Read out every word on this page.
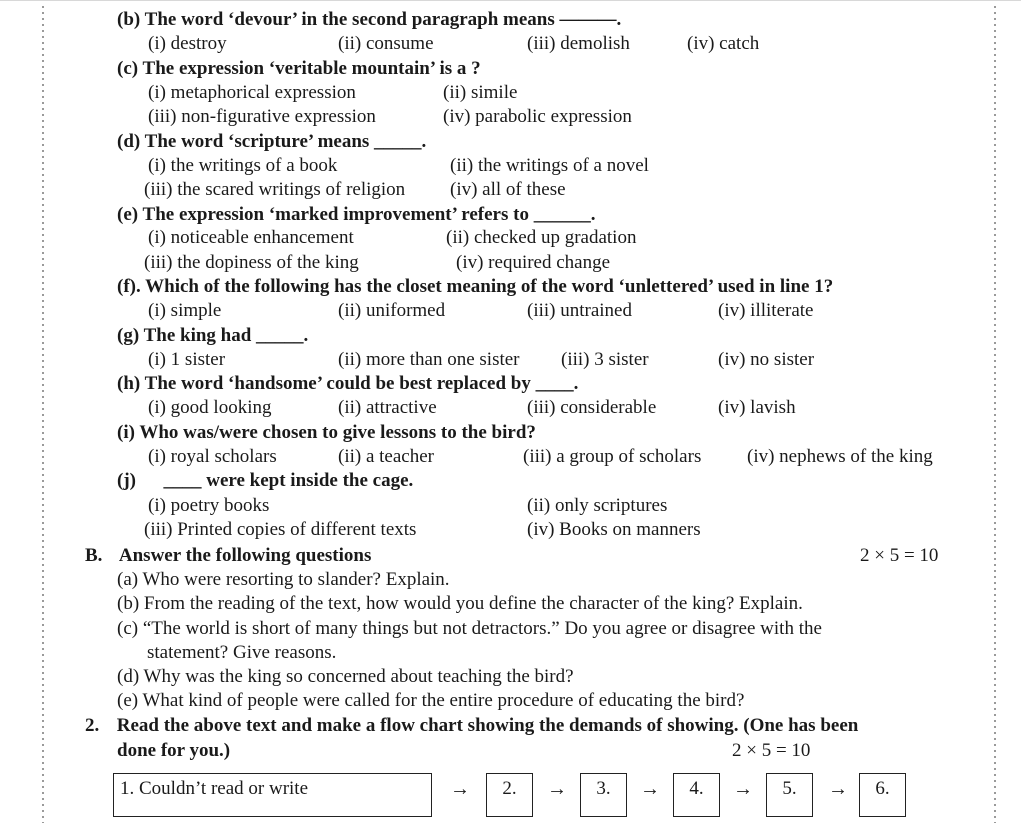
(b) The word ‘devour’ in the second paragraph means ———.
(i) destroy	(ii) consume	(iii) demolish	(iv) catch
(c) The expression ‘veritable mountain’ is a ?
(i) metaphorical expression	(ii) simile
(iii) non-figurative expression	(iv) parabolic expression
(d) The word ‘scripture’ means _____.
(i) the writings of a book	(ii) the writings of a novel
(iii) the scared writings of religion (iv) all of these
(e) The expression ‘marked improvement’ refers to ______.
(i) noticeable enhancement	(ii) checked up gradation
(iii) the dopiness of the king	(iv) required change
(f). Which of the following has the closet meaning of the word ‘unlettered’ used in line 1?
(i) simple	(ii) uniformed	(iii) untrained	(iv) illiterate
(g) The king had _____.
(i) 1 sister	(ii) more than one sister (iii) 3 sister	(iv) no sister
(h) The word ‘handsome’ could be best replaced by ____.
(i) good looking	(ii) attractive	(iii) considerable	(iv) lavish
(i) Who was/were chosen to give lessons to the bird?
(i) royal scholars	(ii) a teacher	(iii) a group of scholars (iv) nephews of the king
(j) ____ were kept inside the cage.
(i) poetry books	(ii) only scriptures
(iii) Printed copies of different texts	(iv) Books on manners
B. Answer the following questions	2 × 5 = 10
(a) Who were resorting to slander? Explain.
(b) From the reading of the text, how would you define the character of the king? Explain.
(c) “The world is short of many things but not detractors.” Do you agree or disagree with the
statement? Give reasons.
(d) Why was the king so concerned about teaching the bird?
(e) What kind of people were called for the entire procedure of educating the bird?
2. Read the above text and make a flow chart showing the demands of showing. (One has been
done for you.)	2 × 5 = 10
1. Couldn’t read or write	→	2.	→	3.	→	4.	→	5.	→	6.
